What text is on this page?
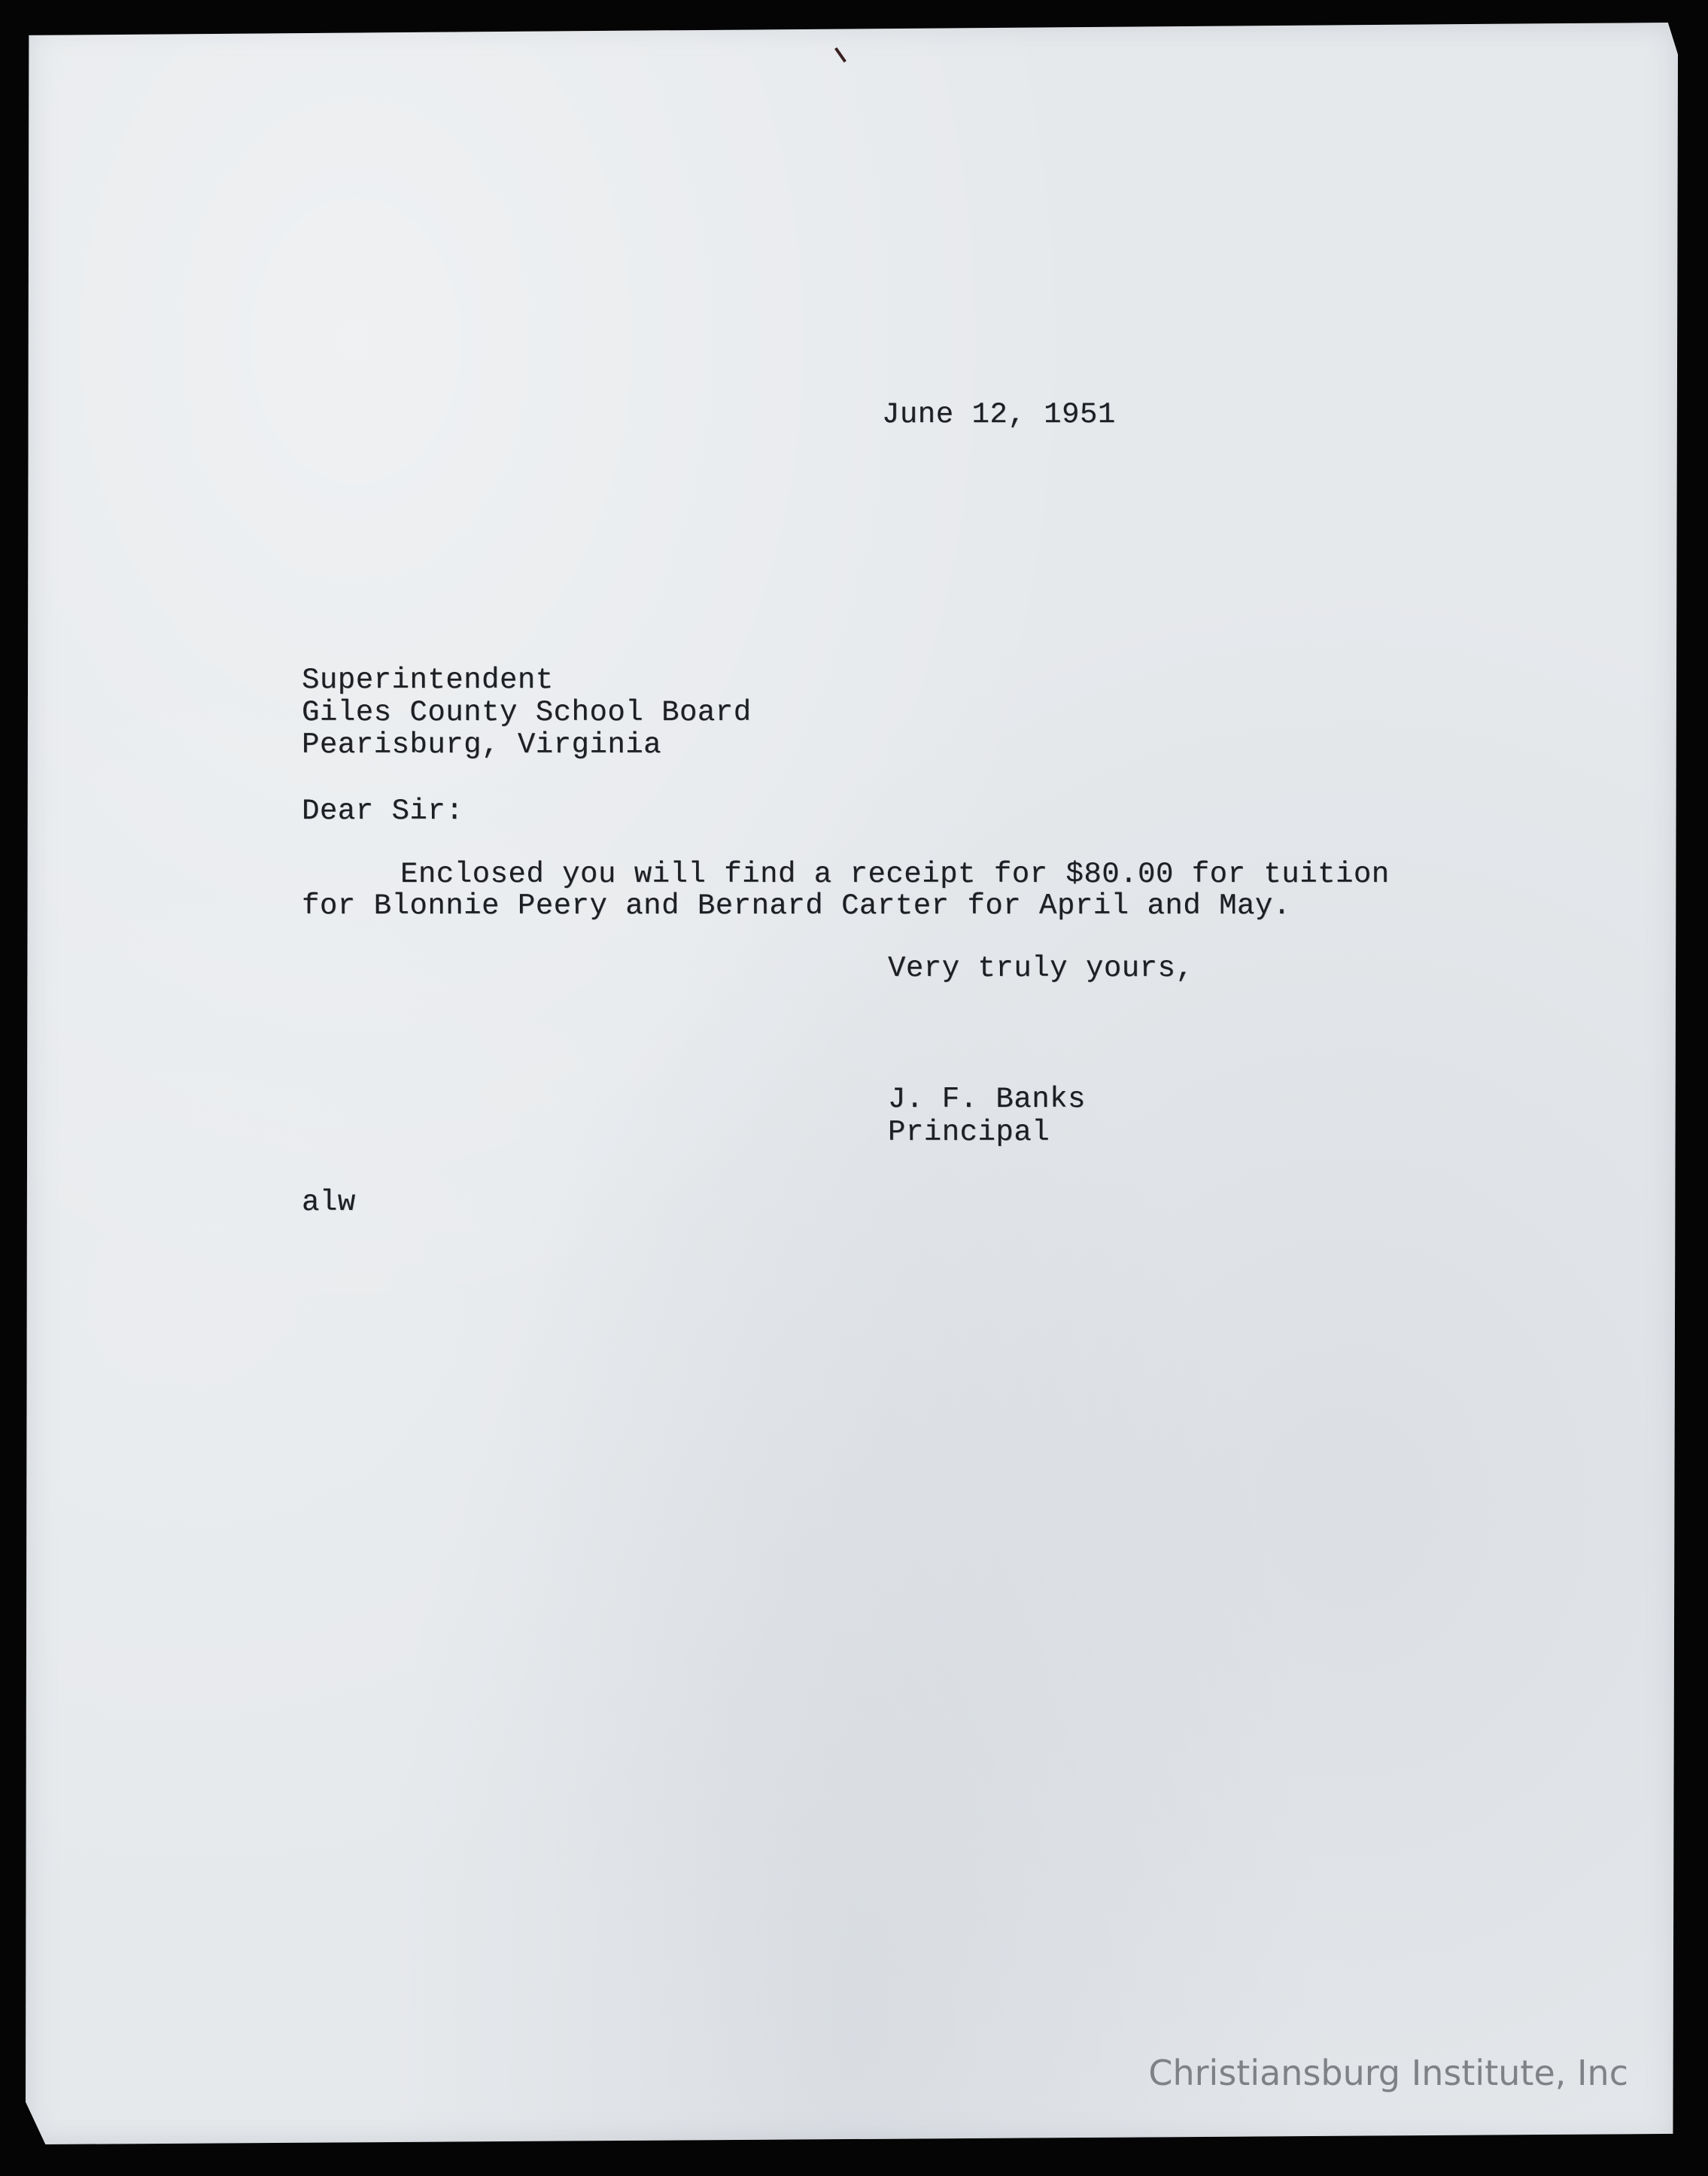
June 12, 1951
Superintendent
Giles County School Board
Pearisburg, Virginia
Dear Sir:
Enclosed you will find a receipt for $80.00 for tuition
for Blonnie Peery and Bernard Carter for April and May.
Very truly yours,
J. F. Banks
Principal
alw
Christiansburg Institute, Inc
